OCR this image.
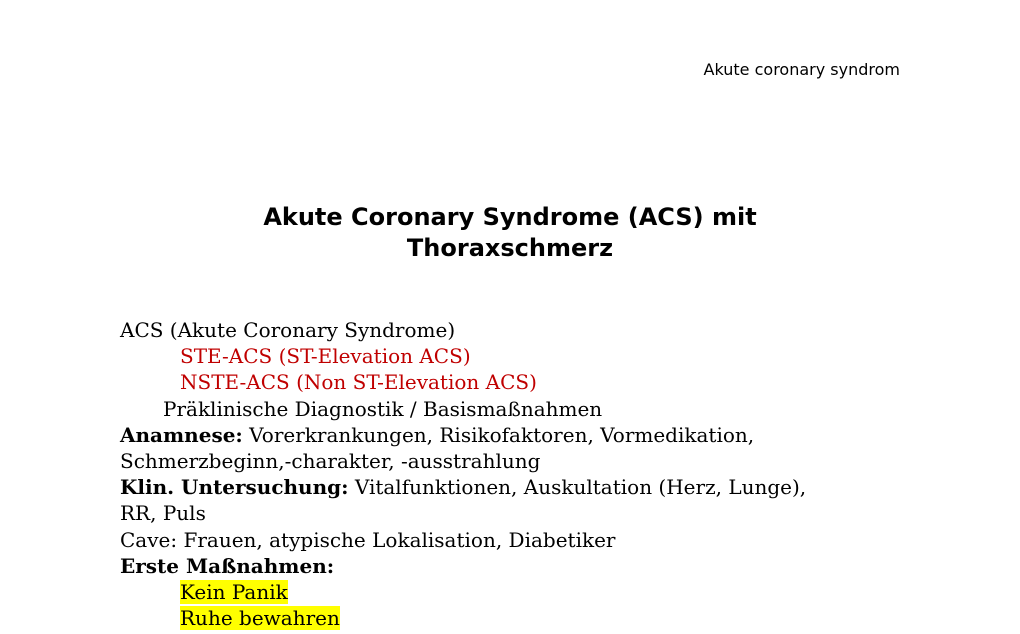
Akute coronary syndrom
Akute Coronary Syndrome (ACS) mit
Thoraxschmerz
ACS (Akute Coronary Syndrome)
STE-ACS (ST-Elevation ACS)
NSTE-ACS (Non ST-Elevation ACS)
Präklinische Diagnostik / Basismaßnahmen
Anamnese: Vorerkrankungen, Risikofaktoren, Vormedikation,
Schmerzbeginn,-charakter, -ausstrahlung
Klin. Untersuchung: Vitalfunktionen, Auskultation (Herz, Lunge),
RR, Puls
Cave: Frauen, atypische Lokalisation, Diabetiker
Erste Maßnahmen:
Kein Panik
Ruhe bewahren
